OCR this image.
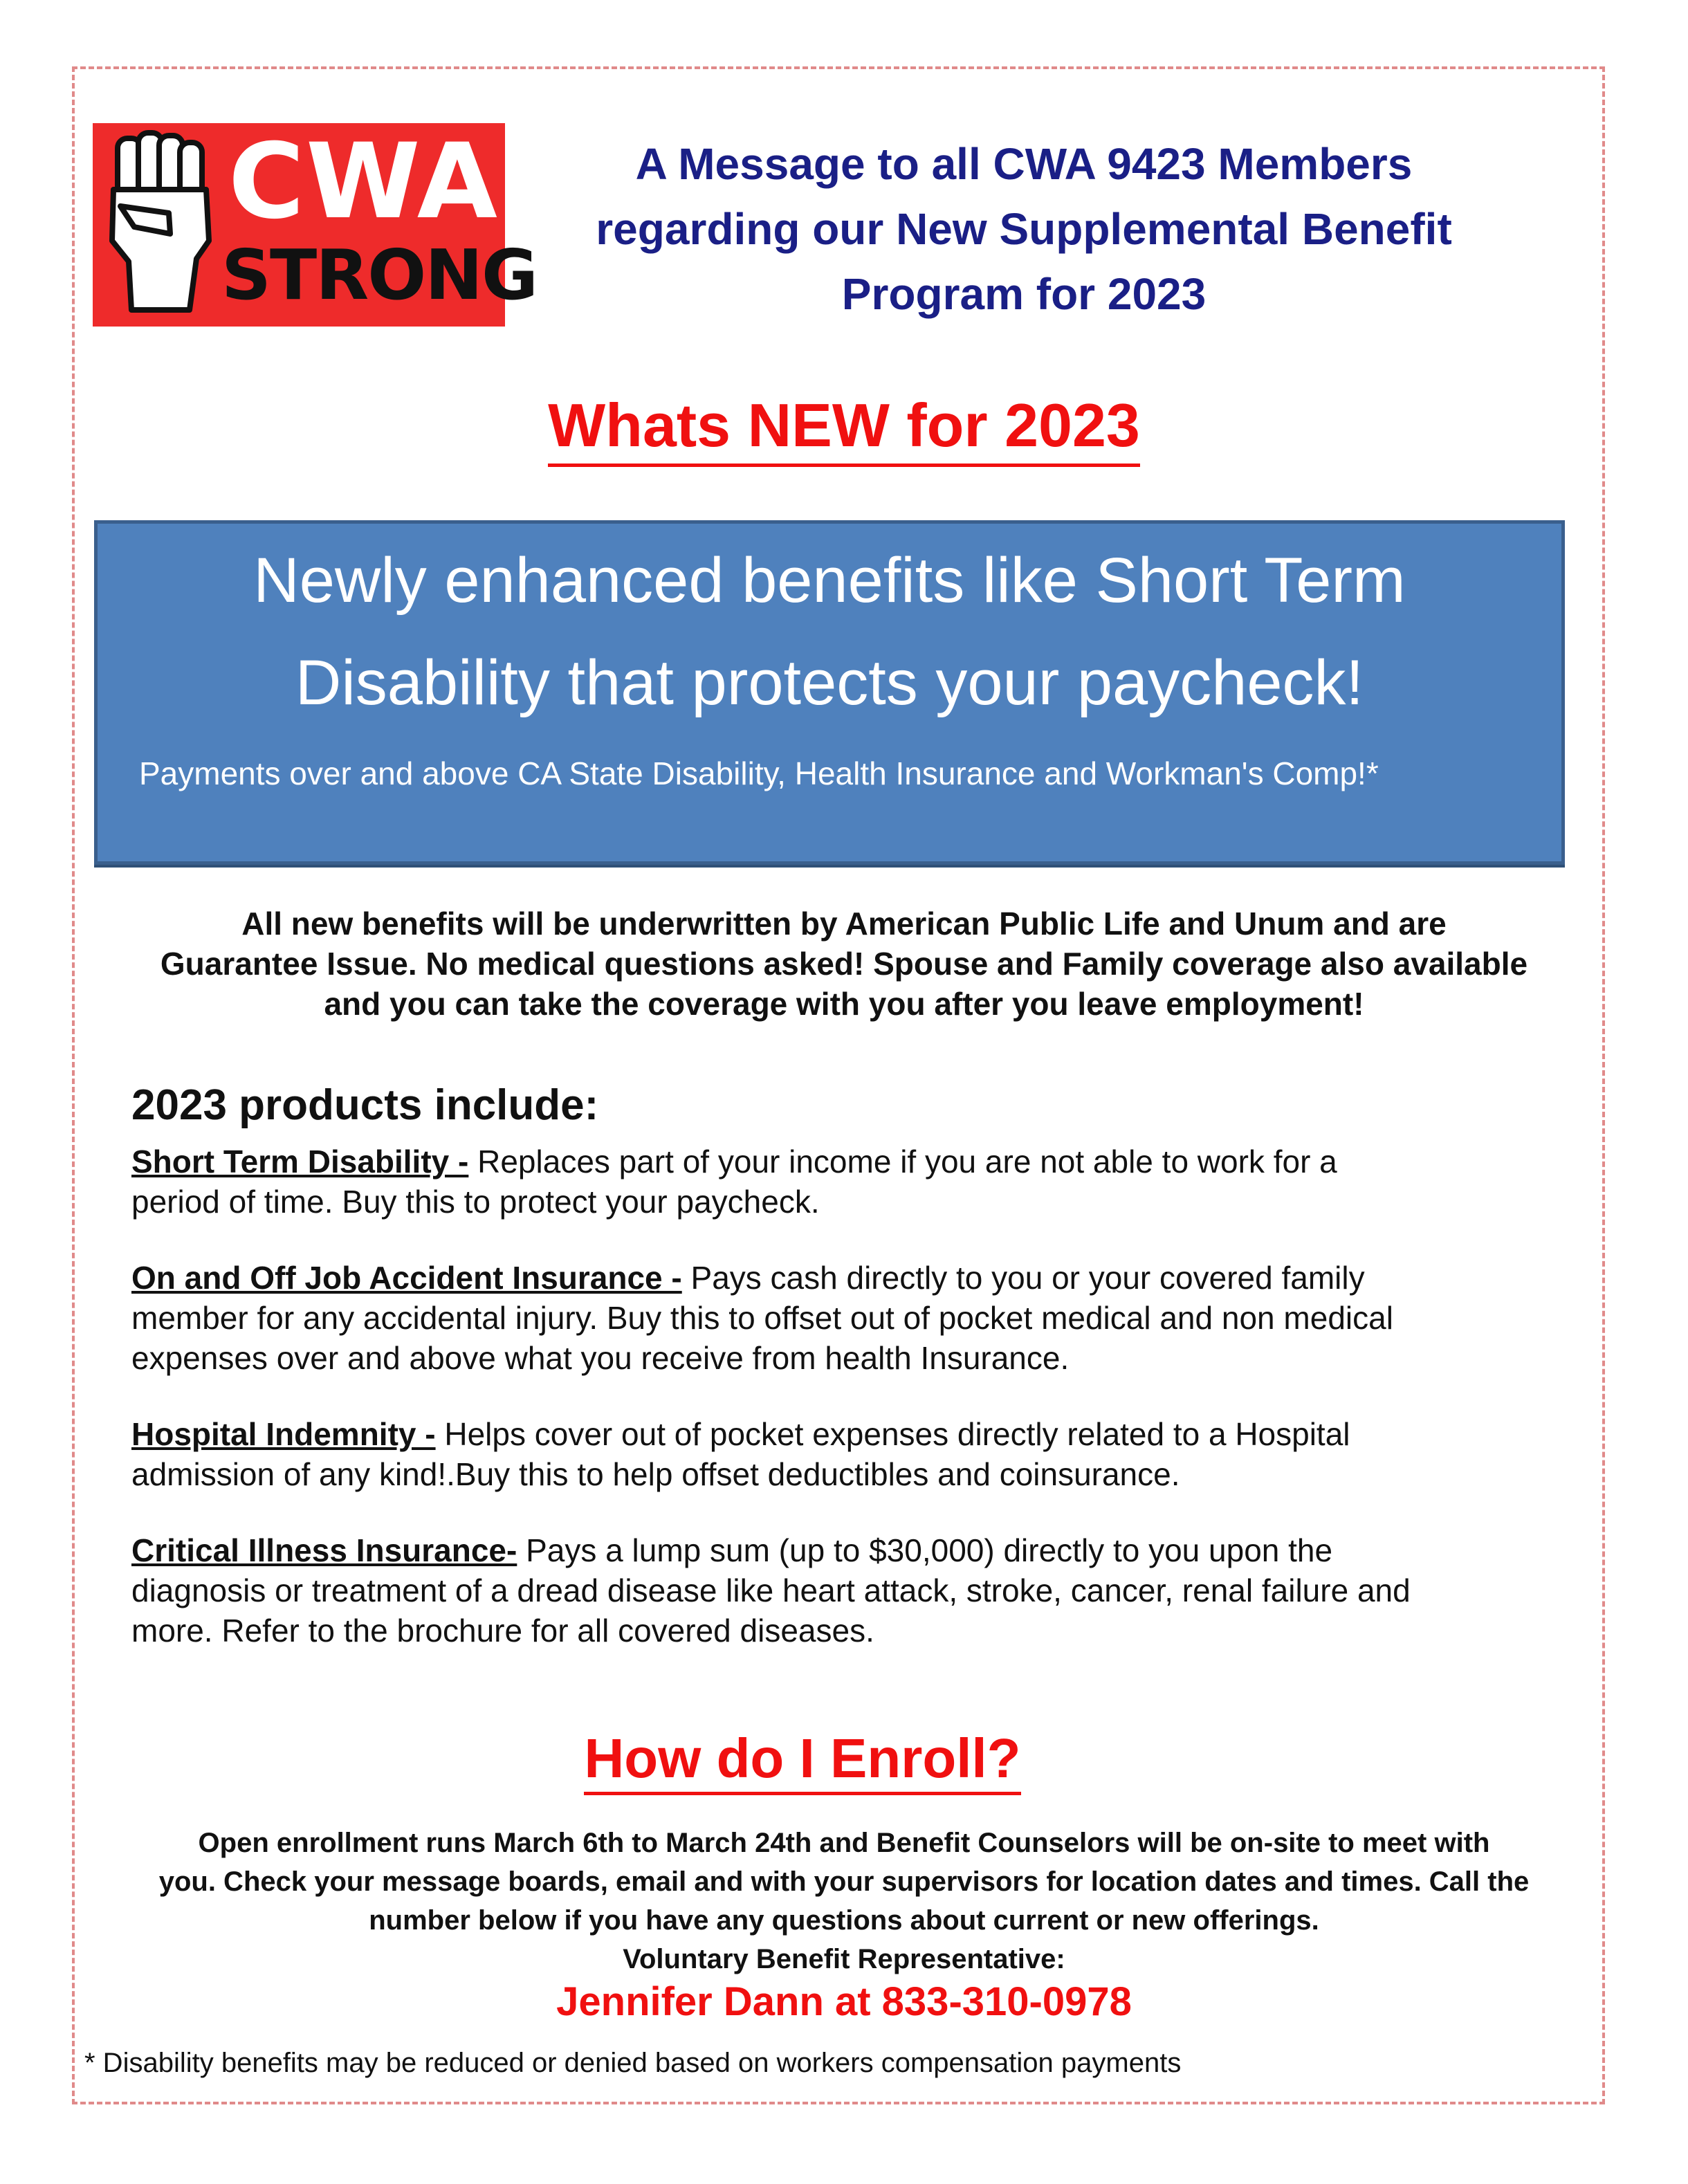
CWA
STRONG
A Message to all CWA 9423 Members
regarding our New Supplemental Benefit
Program for 2023
Whats NEW for 2023
Newly enhanced benefits like Short Term
Disability that protects your paycheck!
Payments over and above CA State Disability, Health Insurance and Workman's Comp!*
All new benefits will be underwritten by American Public Life and Unum and are
Guarantee Issue. No medical questions asked! Spouse and Family coverage also available
and you can take the coverage with you after you leave employment!
2023 products include:
Short Term Disability - Replaces part of your income if you are not able to work for a
period of time. Buy this to protect your paycheck.
On and Off Job Accident Insurance - Pays cash directly to you or your covered family
member for any accidental injury. Buy this to offset out of pocket medical and non medical
expenses over and above what you receive from health Insurance.
Hospital Indemnity - Helps cover out of pocket expenses directly related to a Hospital
admission of any kind!.Buy this to help offset deductibles and coinsurance.
Critical Illness Insurance- Pays a lump sum (up to $30,000) directly to you upon the
diagnosis or treatment of a dread disease like heart attack, stroke, cancer, renal failure and
more. Refer to the brochure for all covered diseases.
How do I Enroll?
Open enrollment runs March 6th to March 24th and Benefit Counselors will be on-site to meet with
you. Check your message boards, email and with your supervisors for location dates and times. Call the
number below if you have any questions about current or new offerings.
Voluntary Benefit Representative:
Jennifer Dann at 833-310-0978
* Disability benefits may be reduced or denied based on workers compensation payments
